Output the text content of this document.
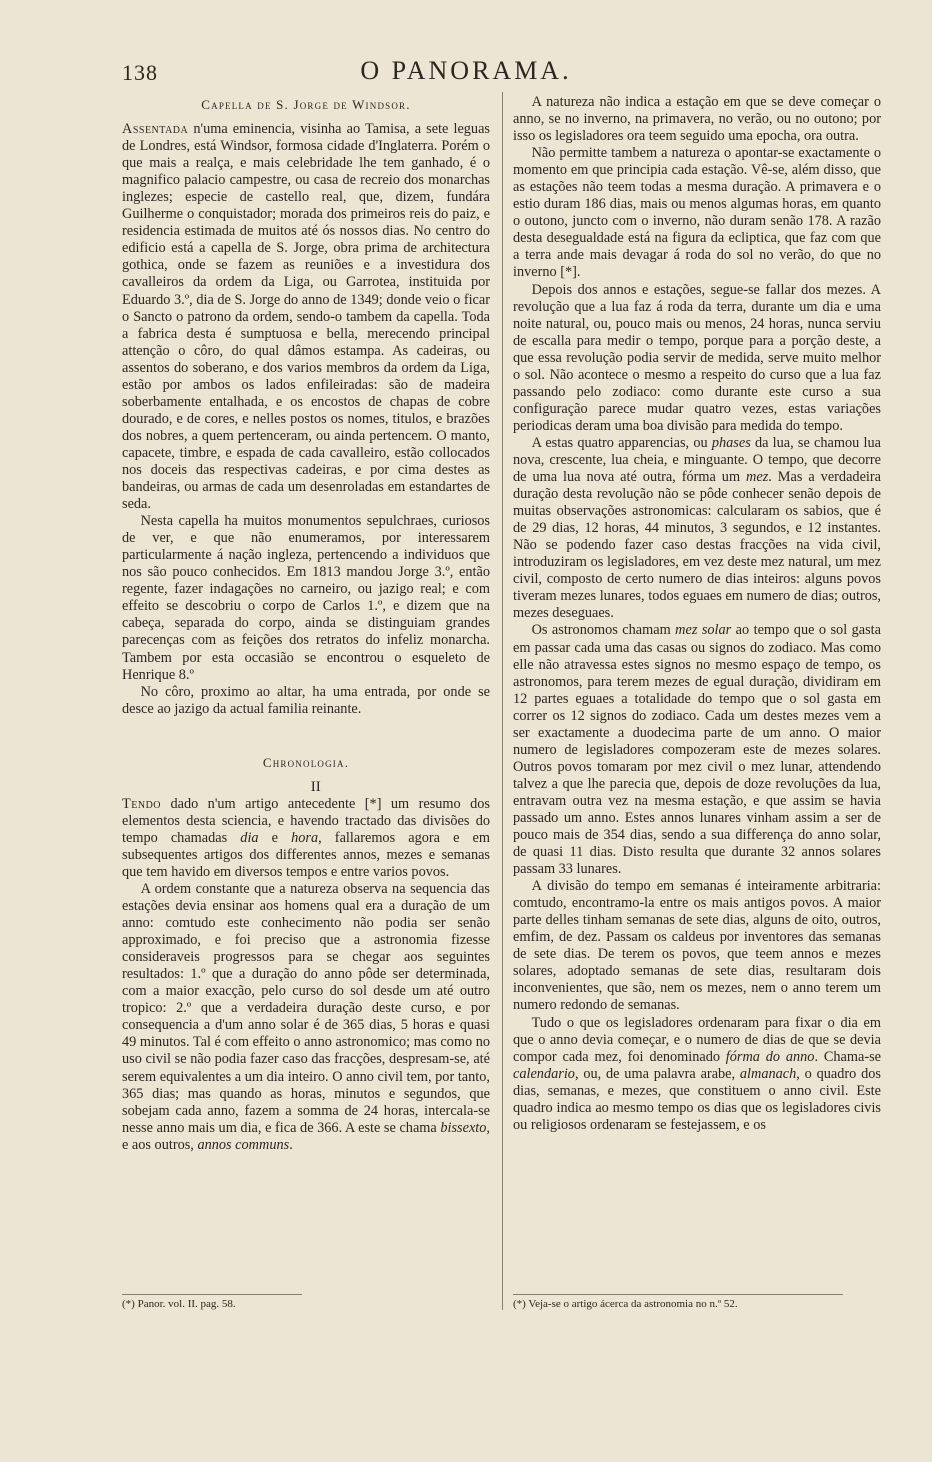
138	O PANORAMA.

Capella de S. Jorge de Windsor.

Assentada n'uma eminencia, visinha ao Tamisa, a sete leguas de Londres, está Windsor, formosa cidade d'Inglaterra. Porém o que mais a realça, e mais celebridade lhe tem ganhado, é o magnifico palacio campestre, ou casa de recreio dos monarchas inglezes; especie de castello real, que, dizem, fundára Guilherme o conquistador; morada dos primeiros reis do paiz, e residencia estimada de muitos até ós nossos dias. No centro do edificio está a capella de S. Jorge, obra prima de architectura gothica, onde se fazem as reuniões e a investidura dos cavalleiros da ordem da Liga, ou Garrotea, instituida por Eduardo 3.º, dia de S. Jorge do anno de 1349; donde veio o ficar o Sancto o patrono da ordem, sendo-o tambem da capella. Toda a fabrica desta é sumptuosa e bella, merecendo principal attenção o côro, do qual dâmos estampa. As cadeiras, ou assentos do soberano, e dos varios membros da ordem da Liga, estão por ambos os lados enfileiradas: são de madeira soberbamente entalhada, e os encostos de chapas de cobre dourado, e de cores, e nelles postos os nomes, titulos, e brazões dos nobres, a quem pertenceram, ou ainda pertencem. O manto, capacete, timbre, e espada de cada cavalleiro, estão collocados nos doceis das respectivas cadeiras, e por cima destes as bandeiras, ou armas de cada um desenroladas em estandartes de seda.

Nesta capella ha muitos monumentos sepulchraes, curiosos de ver, e que não enumeramos, por interessarem particularmente á nação ingleza, pertencendo a individuos que nos são pouco conhecidos. Em 1813 mandou Jorge 3.º, então regente, fazer indagações no carneiro, ou jazigo real; e com effeito se descobriu o corpo de Carlos 1.º, e dizem que na cabeça, separada do corpo, ainda se distinguiam grandes parecenças com as feições dos retratos do infeliz monarcha. Tambem por esta occasião se encontrou o esqueleto de Henrique 8.º

No côro, proximo ao altar, ha uma entrada, por onde se desce ao jazigo da actual familia reinante.

Chronologia.

II

Tendo dado n'um artigo antecedente [*] um resumo dos elementos desta sciencia, e havendo tractado das divisões do tempo chamadas dia e hora, fallaremos agora e em subsequentes artigos dos differentes annos, mezes e semanas que tem havido em diversos tempos e entre varios povos.

A ordem constante que a natureza observa na sequencia das estações devia ensinar aos homens qual era a duração de um anno: comtudo este conhecimento não podia ser senão approximado, e foi preciso que a astronomia fizesse consideraveis progressos para se chegar aos seguintes resultados: 1.º que a duração do anno pôde ser determinada, com a maior exacção, pelo curso do sol desde um até outro tropico: 2.º que a verdadeira duração deste curso, e por consequencia a d'um anno solar é de 365 dias, 5 horas e quasi 49 minutos. Tal é com effeito o anno astronomico; mas como no uso civil se não podia fazer caso das fracções, despresam-se, até serem equivalentes a um dia inteiro. O anno civil tem, por tanto, 365 dias; mas quando as horas, minutos e segundos, que sobejam cada anno, fazem a somma de 24 horas, intercala-se nesse anno mais um dia, e fica de 366. A este se chama bissexto, e aos outros, annos communs.

A natureza não indica a estação em que se deve começar o anno, se no inverno, na primavera, no verão, ou no outono; por isso os legisladores ora teem seguido uma epocha, ora outra.

Não permitte tambem a natureza o apontar-se exactamente o momento em que principia cada estação. Vê-se, além disso, que as estações não teem todas a mesma duração. A primavera e o estio duram 186 dias, mais ou menos algumas horas, em quanto o outono, juncto com o inverno, não duram senão 178. A razão desta desegualdade está na figura da ecliptica, que faz com que a terra ande mais devagar á roda do sol no verão, do que no inverno [*].

Depois dos annos e estações, segue-se fallar dos mezes. A revolução que a lua faz á roda da terra, durante um dia e uma noite natural, ou, pouco mais ou menos, 24 horas, nunca serviu de escalla para medir o tempo, porque para a porção deste, a que essa revolução podia servir de medida, serve muito melhor o sol. Não acontece o mesmo a respeito do curso que a lua faz passando pelo zodiaco: como durante este curso a sua configuração parece mudar quatro vezes, estas variações periodicas deram uma boa divisão para medida do tempo.

A estas quatro apparencias, ou phases da lua, se chamou lua nova, crescente, lua cheia, e minguante. O tempo, que decorre de uma lua nova até outra, fórma um mez. Mas a verdadeira duração desta revolução não se pôde conhecer senão depois de muitas observações astronomicas: calcularam os sabios, que é de 29 dias, 12 horas, 44 minutos, 3 segundos, e 12 instantes. Não se podendo fazer caso destas fracções na vida civil, introduziram os legisladores, em vez deste mez natural, um mez civil, composto de certo numero de dias inteiros: alguns povos tiveram mezes lunares, todos eguaes em numero de dias; outros, mezes deseguaes.

Os astronomos chamam mez solar ao tempo que o sol gasta em passar cada uma das casas ou signos do zodiaco. Mas como elle não atravessa estes signos no mesmo espaço de tempo, os astronomos, para terem mezes de egual duração, dividiram em 12 partes eguaes a totalidade do tempo que o sol gasta em correr os 12 signos do zodiaco. Cada um destes mezes vem a ser exactamente a duodecima parte de um anno. O maior numero de legisladores compozeram este de mezes solares. Outros povos tomaram por mez civil o mez lunar, attendendo talvez a que lhe parecia que, depois de doze revoluções da lua, entravam outra vez na mesma estação, e que assim se havia passado um anno. Estes annos lunares vinham assim a ser de pouco mais de 354 dias, sendo a sua differença do anno solar, de quasi 11 dias. Disto resulta que durante 32 annos solares passam 33 lunares.

A divisão do tempo em semanas é inteiramente arbitraria: comtudo, encontramo-la entre os mais antigos povos. A maior parte delles tinham semanas de sete dias, alguns de oito, outros, emfim, de dez. Passam os caldeus por inventores das semanas de sete dias. De terem os povos, que teem annos e mezes solares, adoptado semanas de sete dias, resultaram dois inconvenientes, que são, nem os mezes, nem o anno terem um numero redondo de semanas.

Tudo o que os legisladores ordenaram para fixar o dia em que o anno devia começar, e o numero de dias de que se devia compor cada mez, foi denominado fórma do anno. Chama-se calendario, ou, de uma palavra arabe, almanach, o quadro dos dias, semanas, e mezes, que constituem o anno civil. Este quadro indica ao mesmo tempo os dias que os legisladores civis ou religiosos ordenaram se festejassem, e os

(*) Panor. vol. II. pag. 58.	(*) Veja-se o artigo ácerca da astronomia no n.º 52.
